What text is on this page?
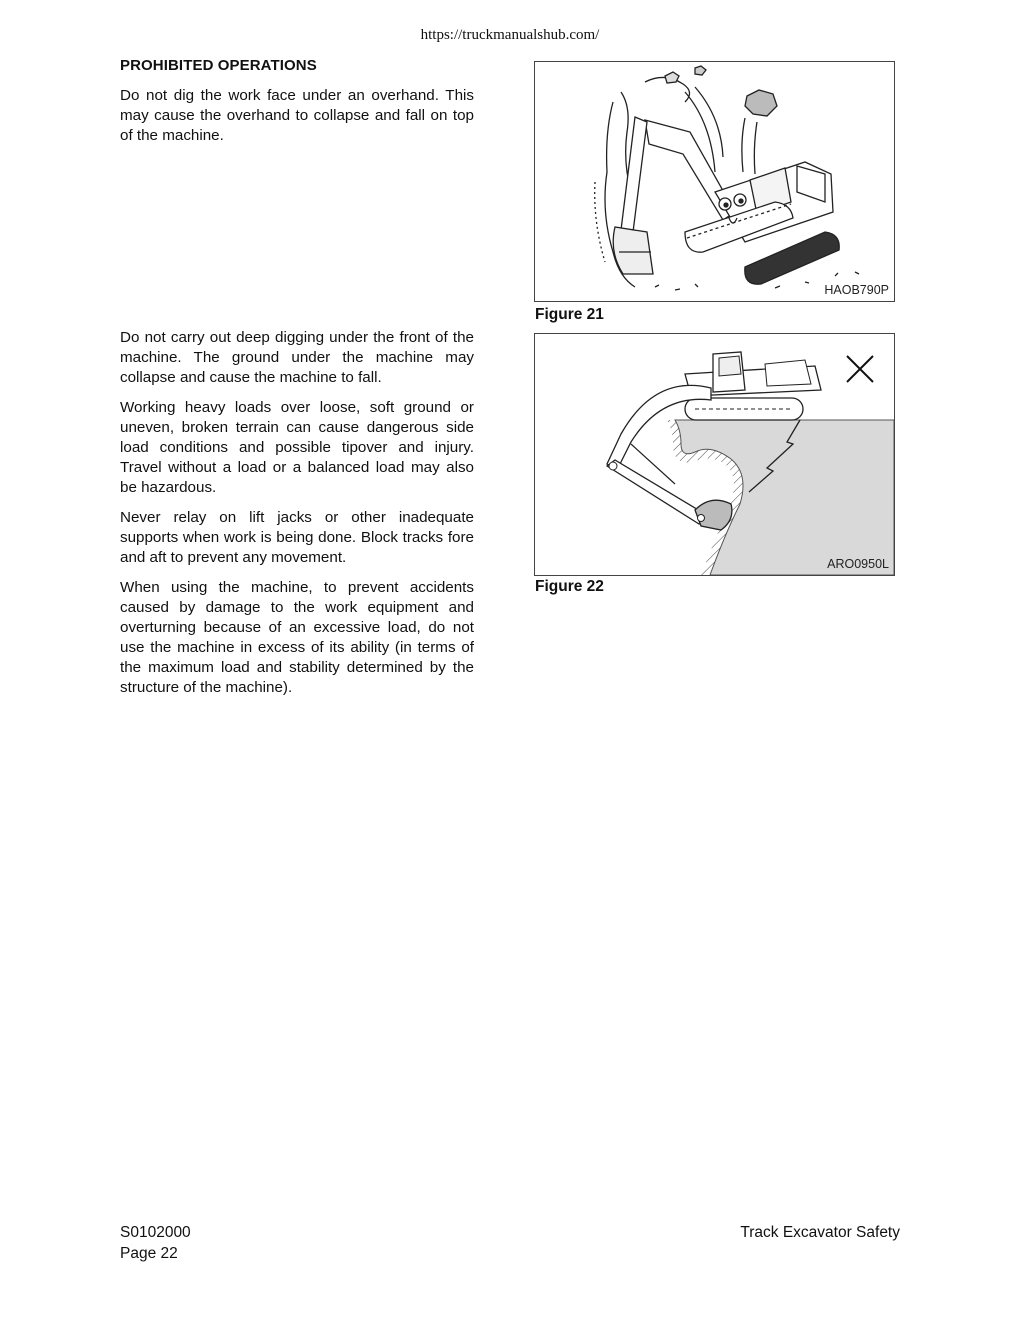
https://truckmanualshub.com/
PROHIBITED OPERATIONS

Do not dig the work face under an overhand. This may cause the overhand to collapse and fall on top of the machine.

Do not carry out deep digging under the front of the machine. The ground under the machine may collapse and cause the machine to fall.

Working heavy loads over loose, soft ground or uneven, broken terrain can cause dangerous side load conditions and possible tipover and injury. Travel without a load or a balanced load may also be hazardous.

Never relay on lift jacks or other inadequate supports when work is being done. Block tracks fore and aft to prevent any movement.

When using the machine, to prevent accidents caused by damage to the work equipment and overturning because of an excessive load, do not use the machine in excess of its ability (in terms of the maximum load and stability determined by the structure of the machine).

HAOB790P
Figure 21
ARO0950L
Figure 22
S0102000
Page 22
Track Excavator Safety
